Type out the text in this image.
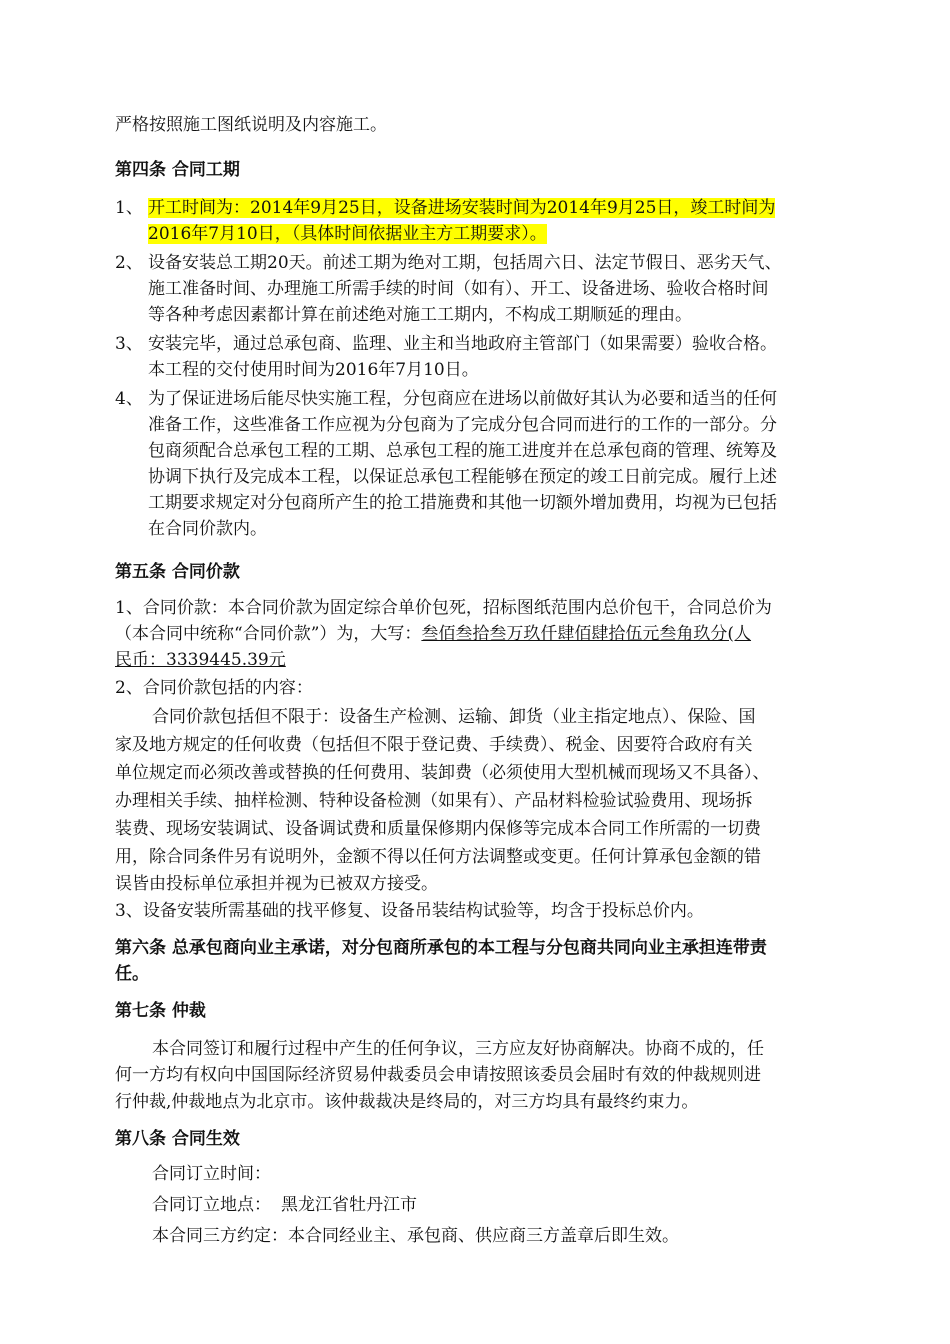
严格按照施工图纸说明及内容施工。
第四条 合同工期
1、 开工时间为：2014年9月25日，设备进场安装时间为2014年9月25日，竣工时间为
2016年7月10日，（具体时间依据业主方工期要求）。
2、 设备安装总工期20天。前述工期为绝对工期，包括周六日、法定节假日、恶劣天气、
施工准备时间、办理施工所需手续的时间（如有）、开工、设备进场、验收合格时间
等各种考虑因素都计算在前述绝对施工工期内，不构成工期顺延的理由。
3、 安装完毕，通过总承包商、监理、业主和当地政府主管部门（如果需要）验收合格。
本工程的交付使用时间为2016年7月10日。
4、 为了保证进场后能尽快实施工程，分包商应在进场以前做好其认为必要和适当的任何
准备工作，这些准备工作应视为分包商为了完成分包合同而进行的工作的一部分。分
包商须配合总承包工程的工期、总承包工程的施工进度并在总承包商的管理、统筹及
协调下执行及完成本工程，以保证总承包工程能够在预定的竣工日前完成。履行上述
工期要求规定对分包商所产生的抢工措施费和其他一切额外增加费用，均视为已包括
在合同价款内。
第五条 合同价款
1、合同价款：本合同价款为固定综合单价包死，招标图纸范围内总价包干，合同总价为
（本合同中统称“合同价款”）为，大写：叁佰叁拾叁万玖仟肆佰肆拾伍元叁角玖分(人
民币：3339445.39元
2、合同价款包括的内容：
合同价款包括但不限于：设备生产检测、运输、卸货（业主指定地点）、保险、国
家及地方规定的任何收费（包括但不限于登记费、手续费）、税金、因要符合政府有关
单位规定而必须改善或替换的任何费用、装卸费（必须使用大型机械而现场又不具备）、
办理相关手续、抽样检测、特种设备检测（如果有）、产品材料检验试验费用、现场拆
装费、现场安装调试、设备调试费和质量保修期内保修等完成本合同工作所需的一切费
用，除合同条件另有说明外，金额不得以任何方法调整或变更。任何计算承包金额的错
误皆由投标单位承担并视为已被双方接受。
3、设备安装所需基础的找平修复、设备吊装结构试验等，均含于投标总价内。
第六条 总承包商向业主承诺，对分包商所承包的本工程与分包商共同向业主承担连带责
任。
第七条 仲裁
本合同签订和履行过程中产生的任何争议，三方应友好协商解决。协商不成的，任
何一方均有权向中国国际经济贸易仲裁委员会申请按照该委员会届时有效的仲裁规则进
行仲裁,仲裁地点为北京市。该仲裁裁决是终局的，对三方均具有最终约束力。
第八条 合同生效
合同订立时间：
合同订立地点： 黑龙江省牡丹江市
本合同三方约定：本合同经业主、承包商、供应商三方盖章后即生效。
